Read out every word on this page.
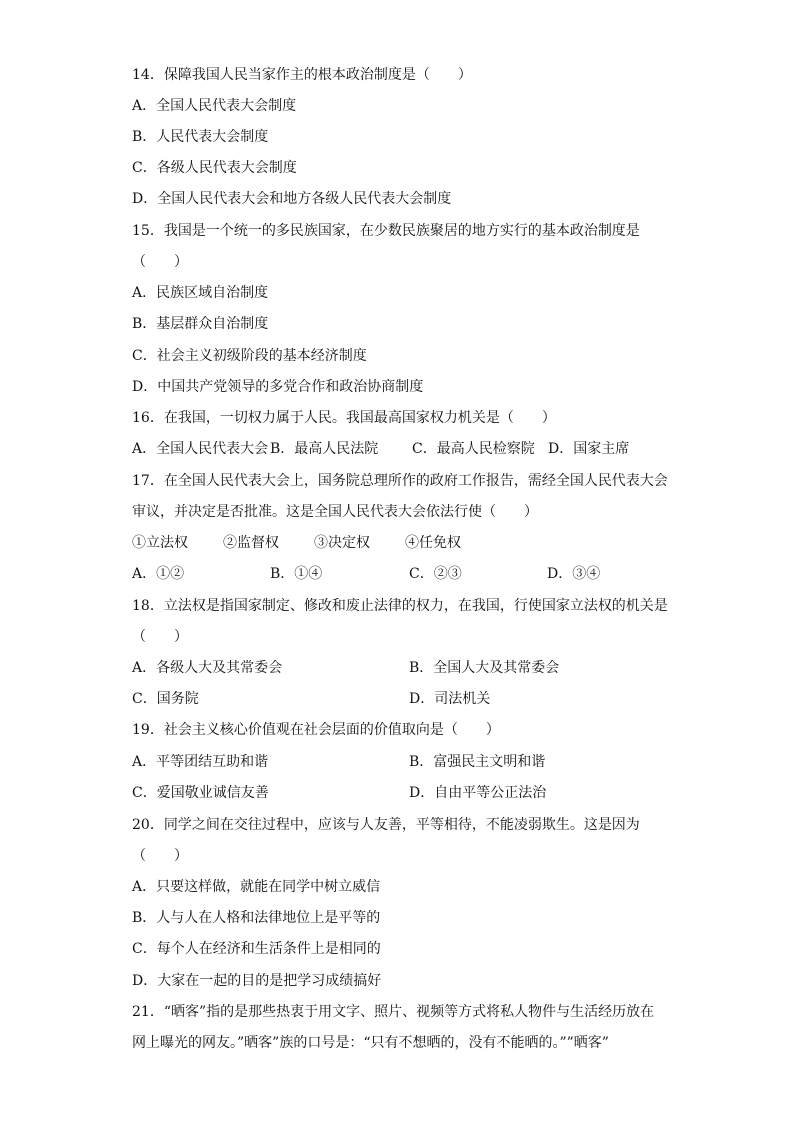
14．保障我国人民当家作主的根本政治制度是（　　）
A．全国人民代表大会制度
B．人民代表大会制度
C．各级人民代表大会制度
D．全国人民代表大会和地方各级人民代表大会制度
15．我国是一个统一的多民族国家，在少数民族聚居的地方实行的基本政治制度是
（　　）
A．民族区域自治制度
B．基层群众自治制度
C．社会主义初级阶段的基本经济制度
D．中国共产党领导的多党合作和政治协商制度
16．在我国，一切权力属于人民。我国最高国家权力机关是（　　）
A．全国人民代表大会 B．最高人民法院 C．最高人民检察院 D．国家主席
17．在全国人民代表大会上，国务院总理所作的政府工作报告，需经全国人民代表大会
审议，并决定是否批准。这是全国人民代表大会依法行使（　　）
①立法权	②监督权	③决定权	④任免权
A．①②	B．①④	C．②③	D．③④
18．立法权是指国家制定、修改和废止法律的权力，在我国，行使国家立法权的机关是
（　　）
A．各级人大及其常委会	B．全国人大及其常委会
C．国务院	D．司法机关
19．社会主义核心价值观在社会层面的价值取向是（　　）
A．平等团结互助和谐	B．富强民主文明和谐
C．爱国敬业诚信友善	D．自由平等公正法治
20．同学之间在交往过程中，应该与人友善，平等相待，不能凌弱欺生。这是因为
（　　）
A．只要这样做，就能在同学中树立威信
B．人与人在人格和法律地位上是平等的
C．每个人在经济和生活条件上是相同的
D．大家在一起的目的是把学习成绩搞好
21．“晒客”指的是那些热衷于用文字、照片、视频等方式将私人物件与生活经历放在
网上曝光的网友。”晒客”族的口号是：“只有不想晒的，没有不能晒的。””晒客”
